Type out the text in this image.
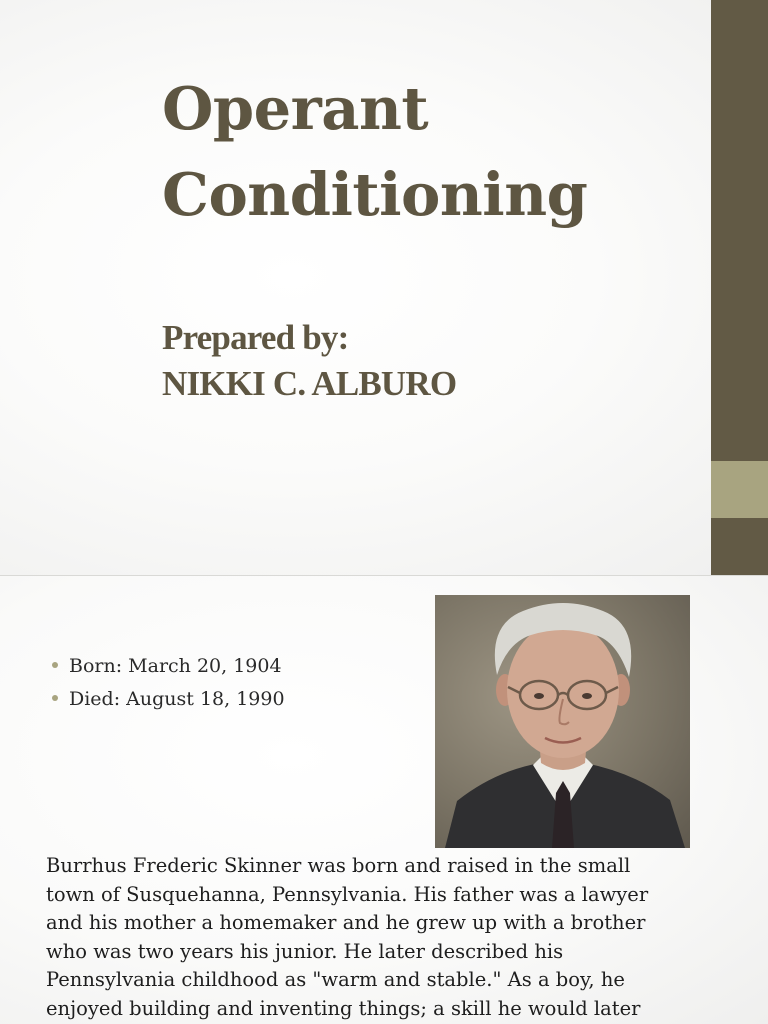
Operant
Conditioning
Prepared by:
NIKKI C. ALBURO
Born: March 20, 1904
Died: August 18, 1990

Burrhus Frederic Skinner was born and raised in the small
town of Susquehanna, Pennsylvania. His father was a lawyer
and his mother a homemaker and he grew up with a brother
who was two years his junior. He later described his
Pennsylvania childhood as "warm and stable." As a boy, he
enjoyed building and inventing things; a skill he would later
